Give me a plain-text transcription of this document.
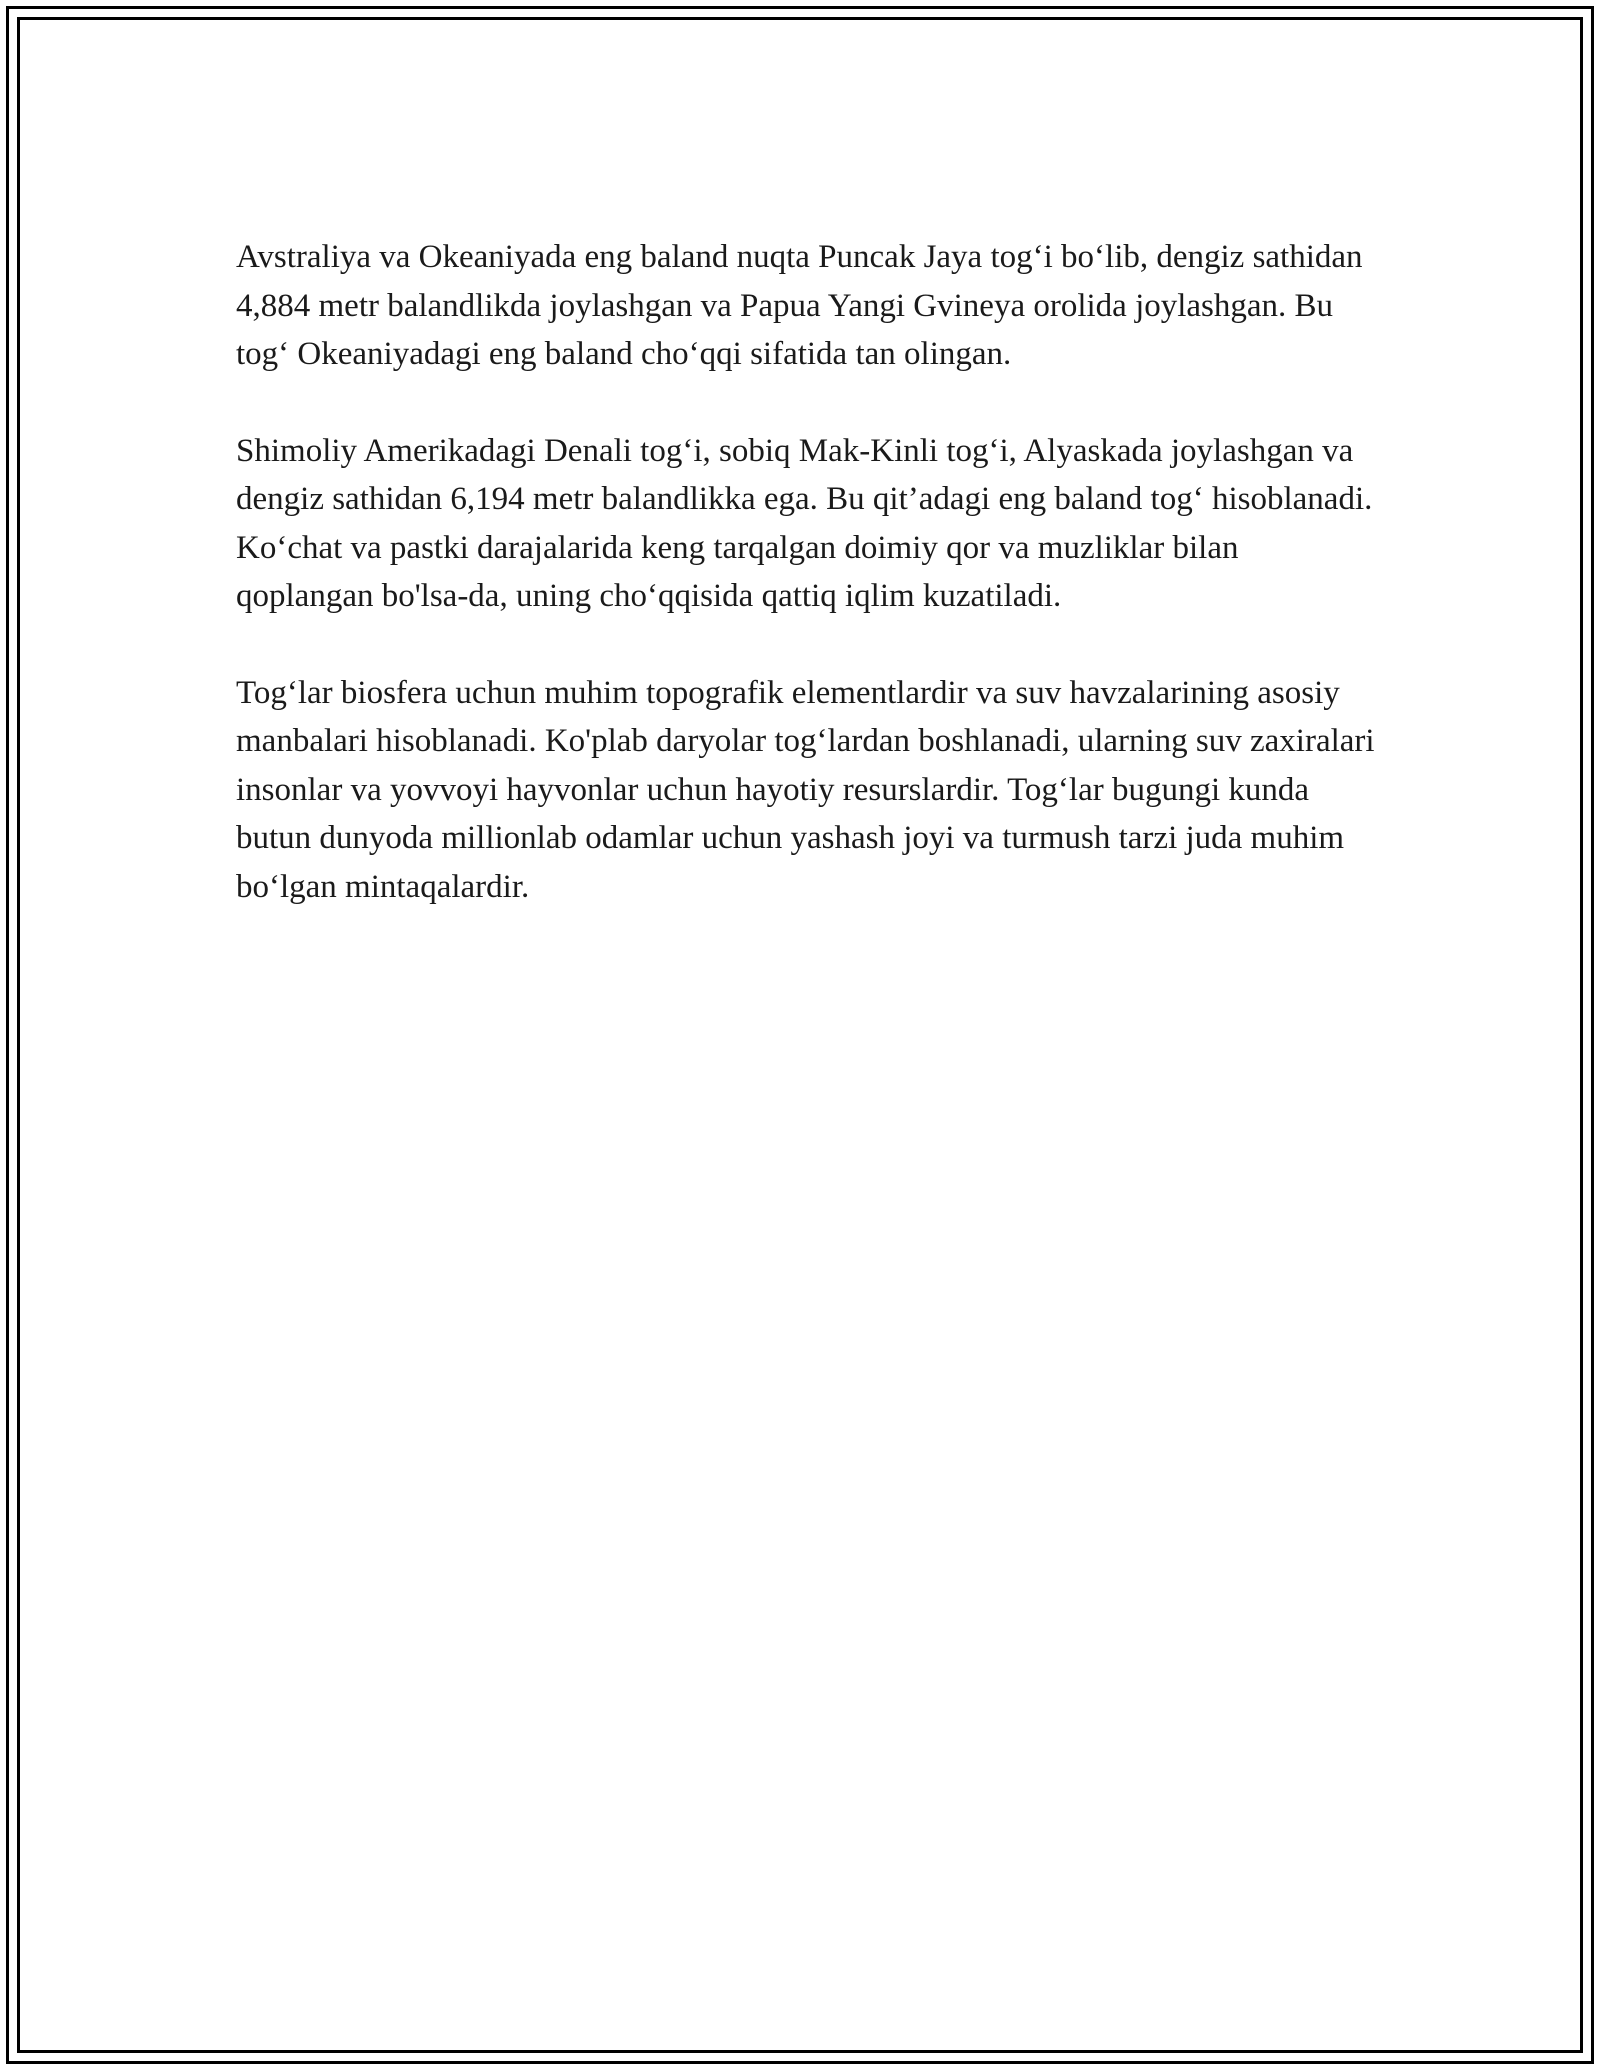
Avstraliya va Okeaniyada eng baland nuqta Puncak Jaya tog‘i bo‘lib, dengiz sathidan 4,884 metr balandlikda joylashgan va Papua Yangi Gvineya orolida joylashgan. Bu tog‘ Okeaniyadagi eng baland cho‘qqi sifatida tan olingan.

Shimoliy Amerikadagi Denali tog‘i, sobiq Mak-Kinli tog‘i, Alyaskada joylashgan va dengiz sathidan 6,194 metr balandlikka ega. Bu qit’adagi eng baland tog‘ hisoblanadi. Ko‘chat va pastki darajalarida keng tarqalgan doimiy qor va muzliklar bilan qoplangan bo'lsa-da, uning cho‘qqisida qattiq iqlim kuzatiladi.

Tog‘lar biosfera uchun muhim topografik elementlardir va suv havzalarining asosiy manbalari hisoblanadi. Ko'plab daryolar tog‘lardan boshlanadi, ularning suv zaxiralari insonlar va yovvoyi hayvonlar uchun hayotiy resurslardir. Tog‘lar bugungi kunda butun dunyoda millionlab odamlar uchun yashash joyi va turmush tarzi juda muhim bo‘lgan mintaqalardir.
